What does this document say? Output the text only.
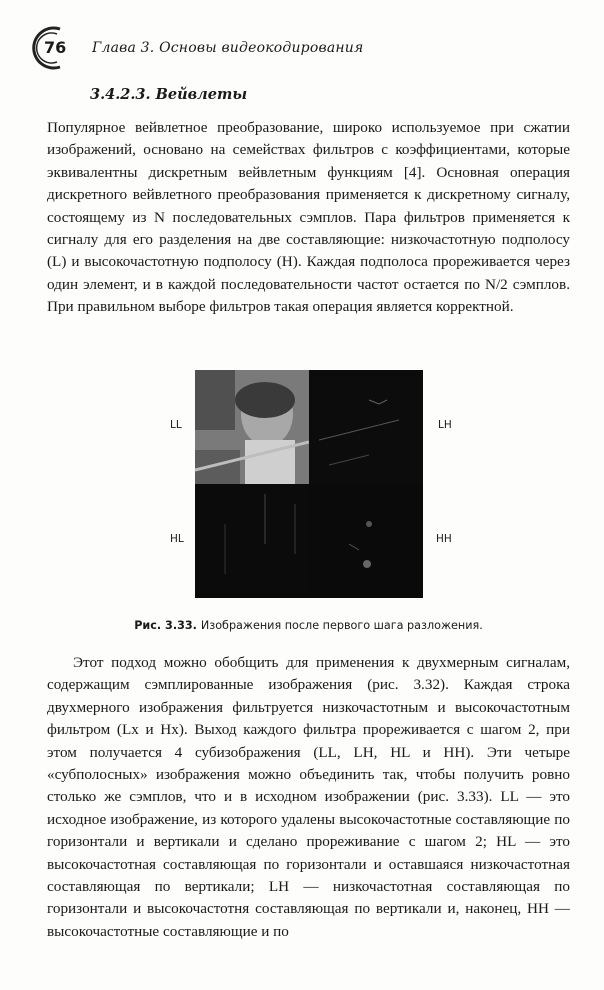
76 Глава 3. Основы видеокодирования
3.4.2.3. Вейвлеты

Популярное вейвлетное преобразование, широко используемое при сжатии изображений, основано на семействах фильтров с коэффициентами, которые эквивалентны дискретным вейвлетным функциям [4]. Основная операция дискретного вейвлетного преобразования применяется к дискретному сигналу, состоящему из N последовательных сэмплов. Пара фильтров применяется к сигналу для его разделения на две составляющие: низкочастотную подполосу (L) и высокочастотную подполосу (H). Каждая подполоса прореживается через один элемент, и в каждой последовательности частот остается по N/2 сэмплов. При правильном выборе фильтров такая операция является корректной.

LL	LH
HL	HH
Рис. 3.33. Изображения после первого шага разложения.

Этот подход можно обобщить для применения к двухмерным сигналам, содержащим сэмплированные изображения (рис. 3.32). Каждая строка двухмерного изображения фильтруется низкочастотным и высокочастотным фильтром (Lx и Hx). Выход каждого фильтра прореживается с шагом 2, при этом получается 4 субизображения (LL, LH, HL и HH). Эти четыре «субполосных» изображения можно объединить так, чтобы получить ровно столько же сэмплов, что и в исходном изображении (рис. 3.33). LL — это исходное изображение, из которого удалены высокочастотные составляющие по горизонтали и вертикали и сделано прореживание с шагом 2; HL — это высокочастотная составляющая по горизонтали и оставшаяся низкочастотная составляющая по вертикали; LH — низкочастотная составляющая по горизонтали и высокочастотня составляющая по вертикали и, наконец, HH — высокочастотные составляющие и по
